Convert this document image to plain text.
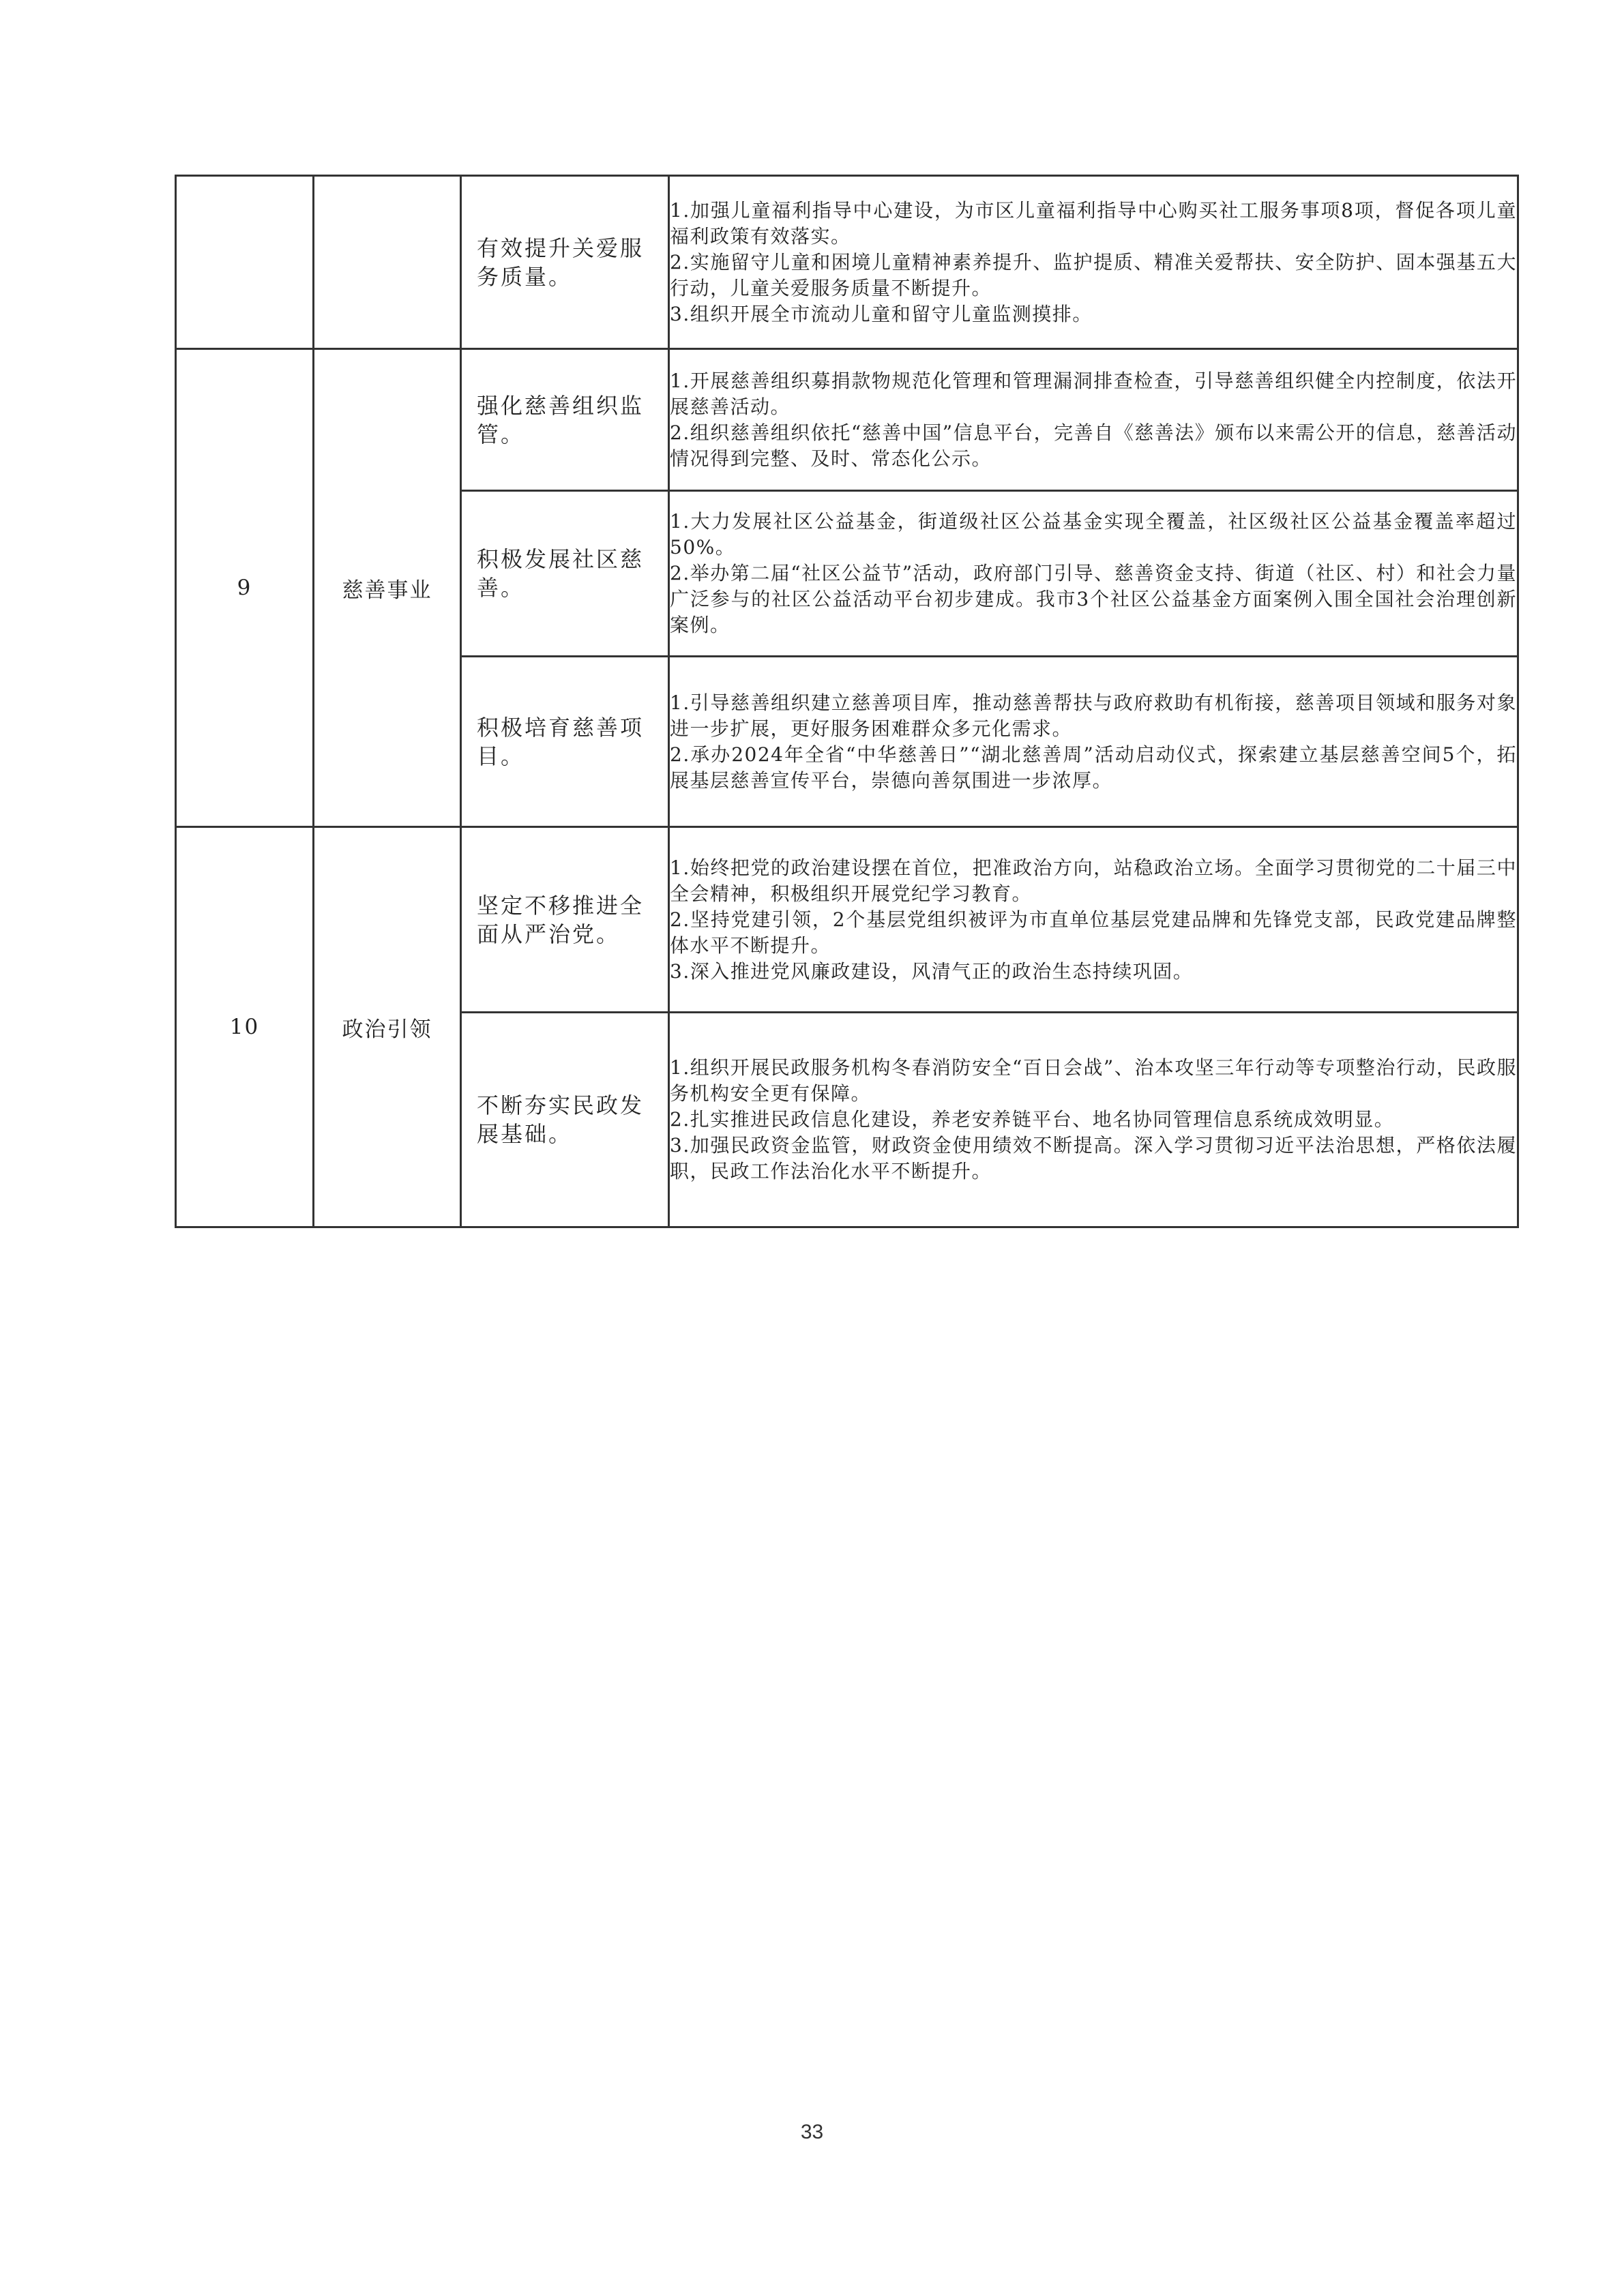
		有效提升关爱服务质量。	1.加强儿童福利指导中心建设，为市区儿童福利指导中心购买社工服务事项8项，督促各项儿童福利政策有效落实。
2.实施留守儿童和困境儿童精神素养提升、监护提质、精准关爱帮扶、安全防护、固本强基五大行动，儿童关爱服务质量不断提升。
3.组织开展全市流动儿童和留守儿童监测摸排。

9	慈善事业	强化慈善组织监管。	1.开展慈善组织募捐款物规范化管理和管理漏洞排查检查，引导慈善组织健全内控制度，依法开展慈善活动。
2.组织慈善组织依托“慈善中国”信息平台，完善自《慈善法》颁布以来需公开的信息，慈善活动情况得到完整、及时、常态化公示。

		积极发展社区慈善。	1.大力发展社区公益基金，街道级社区公益基金实现全覆盖，社区级社区公益基金覆盖率超过50%。
2.举办第二届“社区公益节”活动，政府部门引导、慈善资金支持、街道（社区、村）和社会力量广泛参与的社区公益活动平台初步建成。我市3个社区公益基金方面案例入围全国社会治理创新案例。

		积极培育慈善项目。	1.引导慈善组织建立慈善项目库，推动慈善帮扶与政府救助有机衔接，慈善项目领域和服务对象进一步扩展，更好服务困难群众多元化需求。
2.承办2024年全省“中华慈善日”“湖北慈善周”活动启动仪式，探索建立基层慈善空间5个，拓展基层慈善宣传平台，崇德向善氛围进一步浓厚。

10	政治引领	坚定不移推进全面从严治党。	1.始终把党的政治建设摆在首位，把准政治方向，站稳政治立场。全面学习贯彻党的二十届三中全会精神，积极组织开展党纪学习教育。
2.坚持党建引领，2个基层党组织被评为市直单位基层党建品牌和先锋党支部，民政党建品牌整体水平不断提升。
3.深入推进党风廉政建设，风清气正的政治生态持续巩固。

		不断夯实民政发展基础。	1.组织开展民政服务机构冬春消防安全“百日会战”、治本攻坚三年行动等专项整治行动，民政服务机构安全更有保障。
2.扎实推进民政信息化建设，养老安养链平台、地名协同管理信息系统成效明显。
3.加强民政资金监管，财政资金使用绩效不断提高。深入学习贯彻习近平法治思想，严格依法履职，民政工作法治化水平不断提升。
33
